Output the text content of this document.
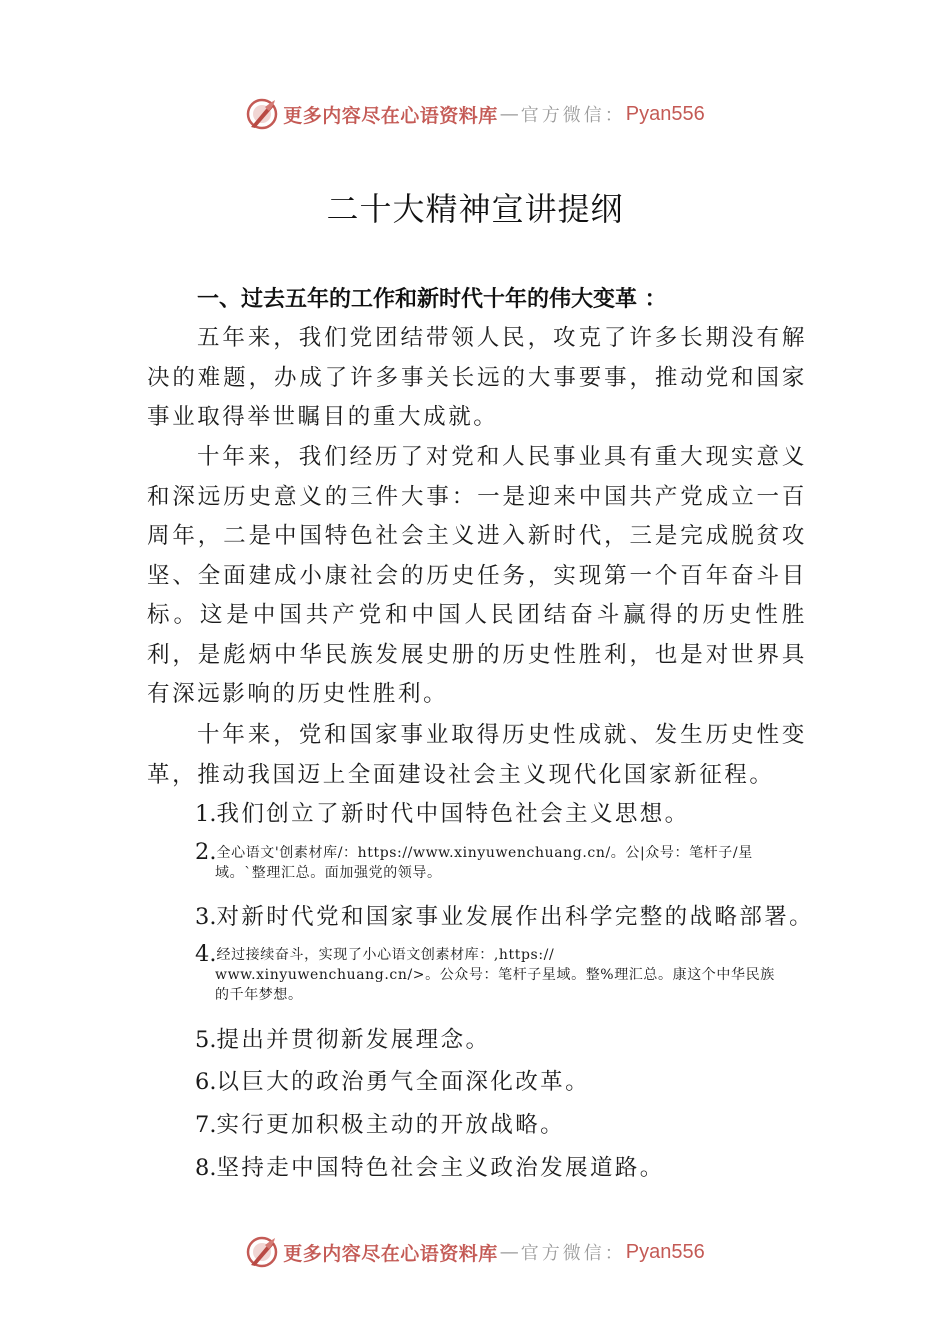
更多内容尽在心语资料库 — 官方微信： Pyan556
二十大精神宣讲提纲
一、过去五年的工作和新时代十年的伟大变革 ：

五年来，我们党团结带领人民，攻克了许多长期没有解决的难题，办成了许多事关长远的大事要事，推动党和国家事业取得举世瞩目的重大成就。

十年来，我们经历了对党和人民事业具有重大现实意义和深远历史意义的三件大事：一是迎来中国共产党成立一百周年，二是中国特色社会主义进入新时代，三是完成脱贫攻坚、全面建成小康社会的历史任务，实现第一个百年奋斗目标。这是中国共产党和中国人民团结奋斗赢得的历史性胜利，是彪炳中华民族发展史册的历史性胜利，也是对世界具有深远影响的历史性胜利。

十年来，党和国家事业取得历史性成就、发生历史性变革，推动我国迈上全面建设社会主义现代化国家新征程。

1.我们创立了新时代中国特色社会主义思想。
2.全心语文'创素材库/：https://www.xinyuwenchuang.cn/。公|众号：笔杆子/星
域。`整理汇总。面加强党的领导。
3.对新时代党和国家事业发展作出科学完整的战略部署。
4.经过接续奋斗，实现了小心语文创素材库：,https://
www.xinyuwenchuang.cn/>。公众号：笔杆子星域。整%理汇总。康这个中华民族
的千年梦想。
5.提出并贯彻新发展理念。
6.以巨大的政治勇气全面深化改革。
7.实行更加积极主动的开放战略。
8.坚持走中国特色社会主义政治发展道路。
更多内容尽在心语资料库 — 官方微信： Pyan556
